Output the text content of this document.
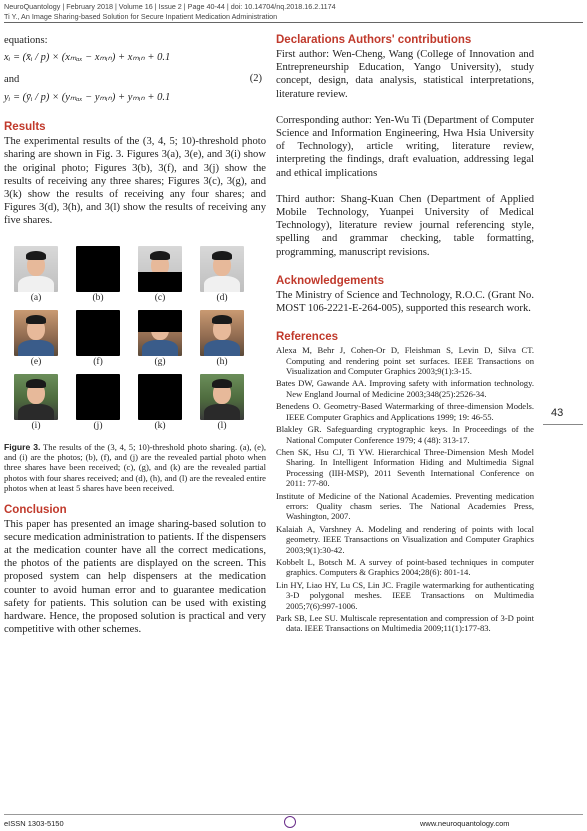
NeuroQuantology | February 2018 | Volume 16 | Issue 2 | Page 40-44 | doi: 10.14704/nq.2018.16.2.1174
Ti Y., An Image Sharing-based Solution for Secure Inpatient Medication Administration
equations:
xᵢ = (x̄ᵢ / p) × (xₘₐₓ − xₘᵢₙ) + xₘᵢₙ + 0.1
and	(2)
yᵢ = (ȳᵢ / p) × (yₘₐₓ − yₘᵢₙ) + yₘᵢₙ + 0.1
Results

The experimental results of the (3, 4, 5; 10)-threshold photo sharing are shown in Fig. 3. Figures 3(a), 3(e), and 3(i) show the original photo; Figures 3(b), 3(f), and 3(j) show the results of receiving any three shares; Figures 3(c), 3(g), and 3(k) show the results of receiving any four shares; and Figures 3(d), 3(h), and 3(l) show the results of receiving any five shares.

(a)	(b)	(c)	(d)
(e)	(f)	(g)	(h)
(i)	(j)	(k)	(l)

Figure 3. The results of the (3, 4, 5; 10)-threshold photo sharing. (a), (e), and (i) are the photos; (b), (f), and (j) are the revealed partial photo when three shares have been received; (c), (g), and (k) are the revealed partial photos with four shares received; and (d), (h), and (l) are the revealed entire photos when at least 5 shares have been received.

Conclusion

This paper has presented an image sharing-based solution to secure medication administration to patients. If the dispensers at the medication counter have all the correct medications, the photos of the patients are displayed on the screen. This proposed system can help dispensers at the medication counter to avoid human error and to guarantee medication safety for patients. This solution can be used with existing hardware. Hence, the proposed solution is practical and very competitive with other schemes.

Declarations Authors' contributions

First author: Wen-Cheng, Wang (College of Innovation and Entrepreneurship Education, Yango University), study concept, design, data analysis, statistical interpretations, literature review.

Corresponding author: Yen-Wu Ti (Department of Computer Science and Information Engineering, Hwa Hsia University of Technology), article writing, literature review, interpreting the findings, draft evaluation, addressing legal and ethical implications

Third author: Shang-Kuan Chen (Department of Applied Mobile Technology, Yuanpei University of Medical Technology), literature review journal referencing style, spelling and grammar checking, table formatting, programming, manuscript revisions.

Acknowledgements

The Ministry of Science and Technology, R.O.C. (Grant No. MOST 106-2221-E-264-005), supported this research work.

References

Alexa M, Behr J, Cohen-Or D, Fleishman S, Levin D, Silva CT. Computing and rendering point set surfaces. IEEE Transactions on Visualization and Computer Graphics 2003;9(1):3-15.

Bates DW, Gawande AA. Improving safety with information technology. New England Journal of Medicine 2003;348(25):2526-34.

Benedens O. Geometry-Based Watermarking of three-dimension Models. IEEE Computer Graphics and Applications 1999; 19: 46-55.

Blakley GR. Safeguarding cryptographic keys. In Proceedings of the National Computer Conference 1979; 4 (48): 313-17.

Chen SK, Hsu CJ, Ti YW. Hierarchical Three-Dimension Mesh Model Sharing. In Intelligent Information Hiding and Multimedia Signal Processing (IIH-MSP), 2011 Seventh International Conference on 2011: 77-80.

Institute of Medicine of the National Academies. Preventing medication errors: Quality chasm series. The National Academies Press, Washington, 2007.

Kalaiah A, Varshney A. Modeling and rendering of points with local geometry. IEEE Transactions on Visualization and Computer Graphics 2003;9(1):30-42.

Kobbelt L, Botsch M. A survey of point-based techniques in computer graphics. Computers & Graphics 2004;28(6): 801-14.

Lin HY, Liao HY, Lu CS, Lin JC. Fragile watermarking for authenticating 3-D polygonal meshes. IEEE Transactions on Multimedia 2005;7(6):997-1006.

Park SB, Lee SU. Multiscale representation and compression of 3-D point data. IEEE Transactions on Multimedia 2009;11(1):177-83.

43
eISSN 1303-5150	www.neuroquantology.com
